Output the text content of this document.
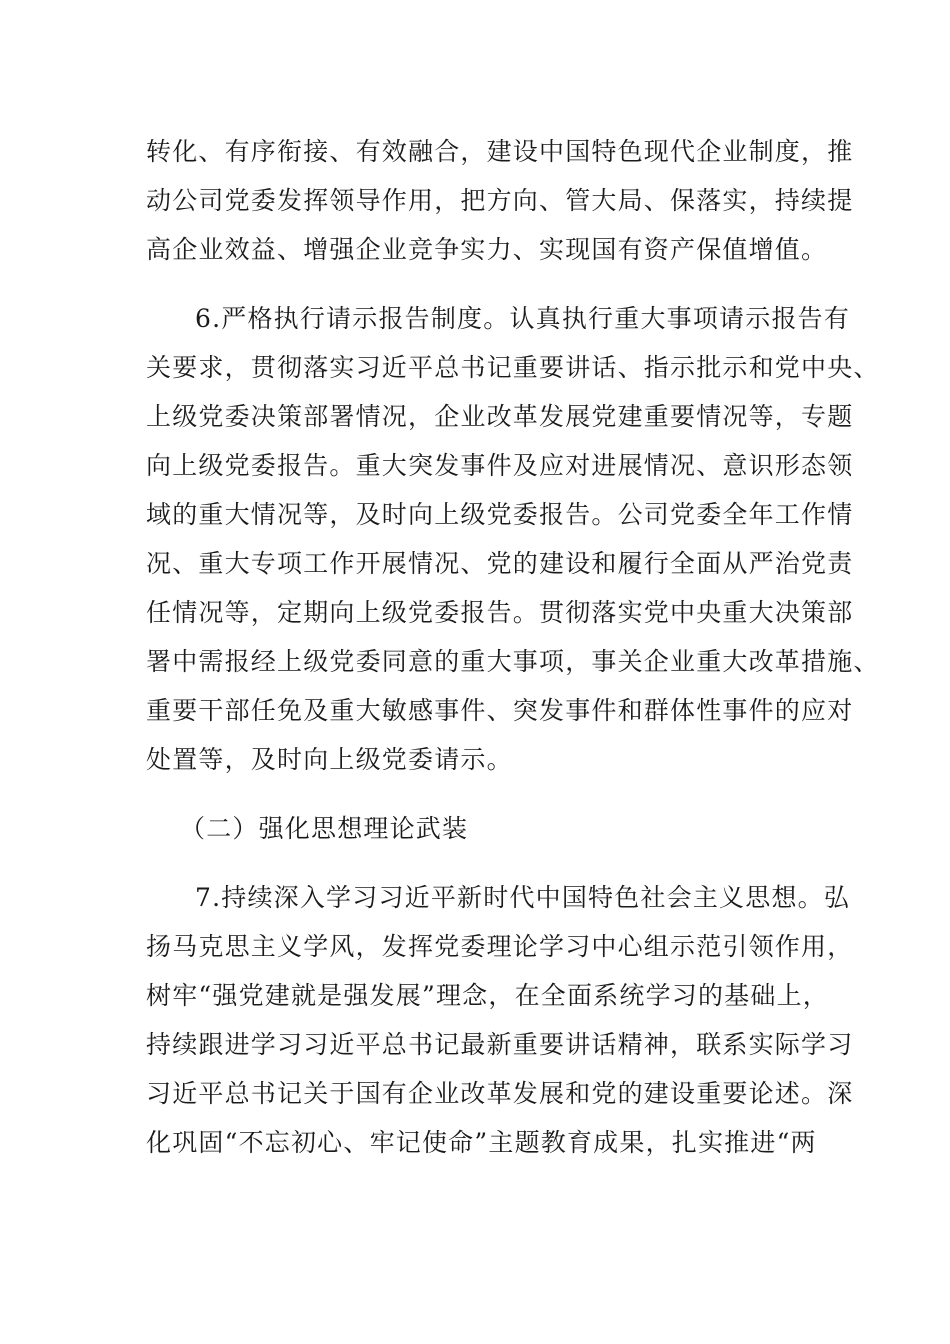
转化、有序衔接、有效融合，建设中国特色现代企业制度，推
动公司党委发挥领导作用，把方向、管大局、保落实，持续提
高企业效益、增强企业竞争实力、实现国有资产保值增值。
6.严格执行请示报告制度。认真执行重大事项请示报告有
关要求，贯彻落实习近平总书记重要讲话、指示批示和党中央、
上级党委决策部署情况，企业改革发展党建重要情况等，专题
向上级党委报告。重大突发事件及应对进展情况、意识形态领
域的重大情况等，及时向上级党委报告。公司党委全年工作情
况、重大专项工作开展情况、党的建设和履行全面从严治党责
任情况等，定期向上级党委报告。贯彻落实党中央重大决策部
署中需报经上级党委同意的重大事项，事关企业重大改革措施、
重要干部任免及重大敏感事件、突发事件和群体性事件的应对
处置等，及时向上级党委请示。
（二）强化思想理论武装
7.持续深入学习习近平新时代中国特色社会主义思想。弘
扬马克思主义学风，发挥党委理论学习中心组示范引领作用，
树牢“强党建就是强发展”理念，在全面系统学习的基础上，
持续跟进学习习近平总书记最新重要讲话精神，联系实际学习
习近平总书记关于国有企业改革发展和党的建设重要论述。深
化巩固“不忘初心、牢记使命”主题教育成果，扎实推进“两
